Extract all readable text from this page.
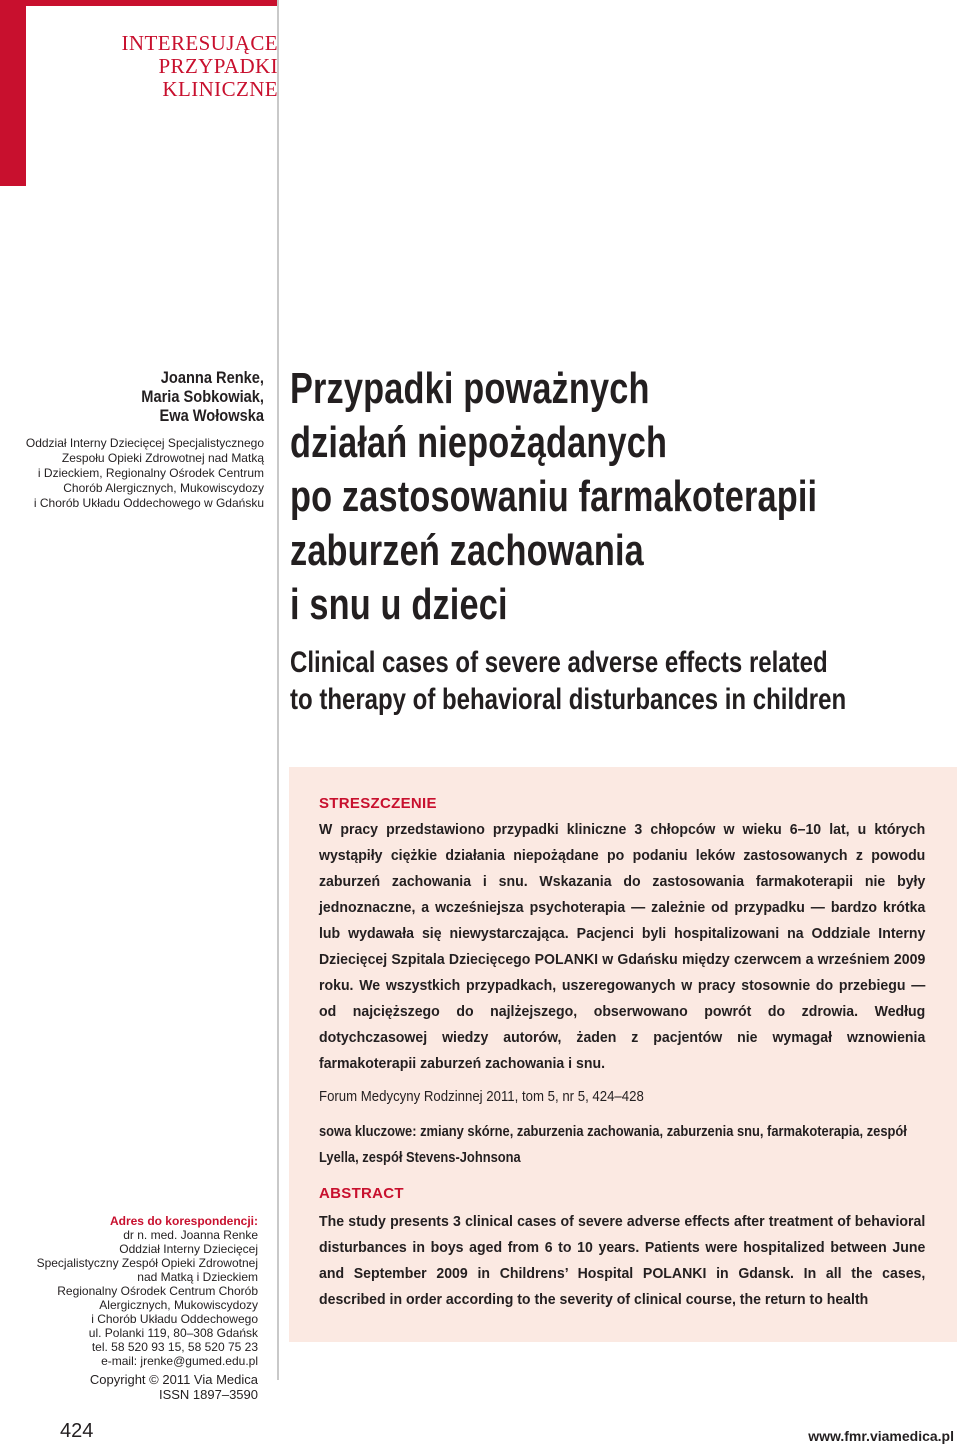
INTERESUJĄCE
PRZYPADKI
KLINICZNE
Joanna Renke,
Maria Sobkowiak,
Ewa Wołowska
Oddział Interny Dziecięcej Specjalistycznego
Zespołu Opieki Zdrowotnej nad Matką
i Dzieckiem, Regionalny Ośrodek Centrum
Chorób Alergicznych, Mukowiscydozy
i Chorób Układu Oddechowego w Gdańsku
Przypadki poważnych
działań niepożądanych
po zastosowaniu farmakoterapii
zaburzeń zachowania
i snu u dzieci
Clinical cases of severe adverse effects related
to therapy of behavioral disturbances in children
STRESZCZENIE
W pracy przedstawiono przypadki kliniczne 3 chłopców w wieku 6–10 lat, u których wystąpiły ciężkie działania niepożądane po podaniu leków zastosowanych z powodu zaburzeń zachowania i snu. Wskazania do zastosowania farmakoterapii nie były jednoznaczne, a wcześniejsza psychoterapia — zależnie od przypadku — bardzo krótka lub wydawała się niewystarczająca. Pacjenci byli hospitalizowani na Oddziale Interny Dziecięcej Szpitala Dziecięcego POLANKI w Gdańsku między czerwcem a wrześniem 2009 roku. We wszystkich przypadkach, uszeregowanych w pracy stosownie do przebiegu — od najcięższego do najlżejszego, obserwowano powrót do zdrowia. Według dotychczasowej wiedzy autorów, żaden z pacjentów nie wymagał wznowienia farmakoterapii zaburzeń zachowania i snu.
Forum Medycyny Rodzinnej 2011, tom 5, nr 5, 424–428
sowa kluczowe: zmiany skórne, zaburzenia zachowania, zaburzenia snu, farmakoterapia, zespół Lyella, zespół Stevens-Johnsona
ABSTRACT
The study presents 3 clinical cases of severe adverse effects after treatment of behavioral disturbances in boys aged from 6 to 10 years. Patients were hospitalized between June and September 2009 in Childrens’ Hospital POLANKI in Gdansk. In all the cases, described in order according to the severity of clinical course, the return to health
Adres do korespondencji:
dr n. med. Joanna Renke
Oddział Interny Dziecięcej
Specjalistyczny Zespół Opieki Zdrowotnej
nad Matką i Dzieckiem
Regionalny Ośrodek Centrum Chorób
Alergicznych, Mukowiscydozy
i Chorób Układu Oddechowego
ul. Polanki 119, 80–308 Gdańsk
tel. 58 520 93 15, 58 520 75 23
e-mail: jrenke@gumed.edu.pl
Copyright © 2011 Via Medica
ISSN 1897–3590
424	www.fmr.viamedica.pl
